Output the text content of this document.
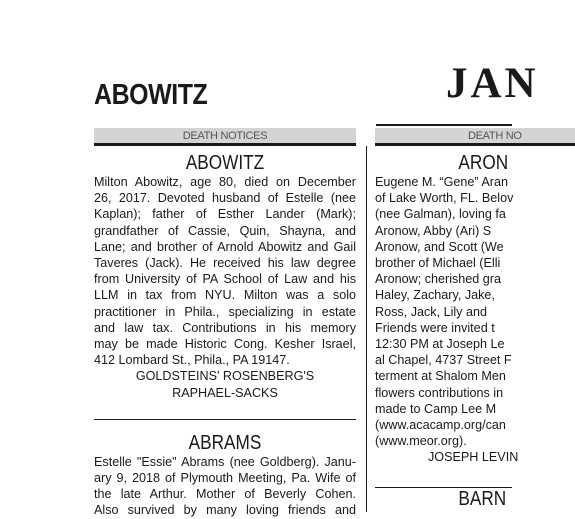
ABOWITZ	JAN
DEATH NOTICES
ABOWITZ
Milton Abowitz, age 80, died on December
26, 2017. Devoted husband of Estelle (nee
Kaplan); father of Esther Lander (Mark);
grandfather of Cassie, Quin, Shayna, and
Lane; and brother of Arnold Abowitz and Gail
Taveres (Jack). He received his law degree
from University of PA School of Law and his
LLM in tax from NYU. Milton was a solo
practitioner in Phila., specializing in estate
and law tax. Contributions in his memory
may be made Historic Cong. Kesher Israel,
412 Lombard St., Phila., PA 19147.
GOLDSTEINS' ROSENBERG'S
RAPHAEL-SACKS
ABRAMS
Estelle "Essie" Abrams (nee Goldberg). Janu-
ary 9, 2018 of Plymouth Meeting, Pa. Wife of
the late Arthur. Mother of Beverly Cohen.
Also survived by many loving friends and
DEATH NO
ARON
Eugene M. “Gene” Aran
of Lake Worth, FL. Belov
(nee Galman), loving fa
Aronow, Abby (Ari) S
Aronow, and Scott (We
brother of Michael (Elli
Aronow; cherished gra
Haley, Zachary, Jake,
Ross, Jack, Lily and
Friends were invited t
12:30 PM at Joseph Le
al Chapel, 4737 Street F
terment at Shalom Men
flowers contributions in
made to Camp Lee M
(www.acacamp.org/can
(www.meor.org).
JOSEPH LEVIN
BARN
